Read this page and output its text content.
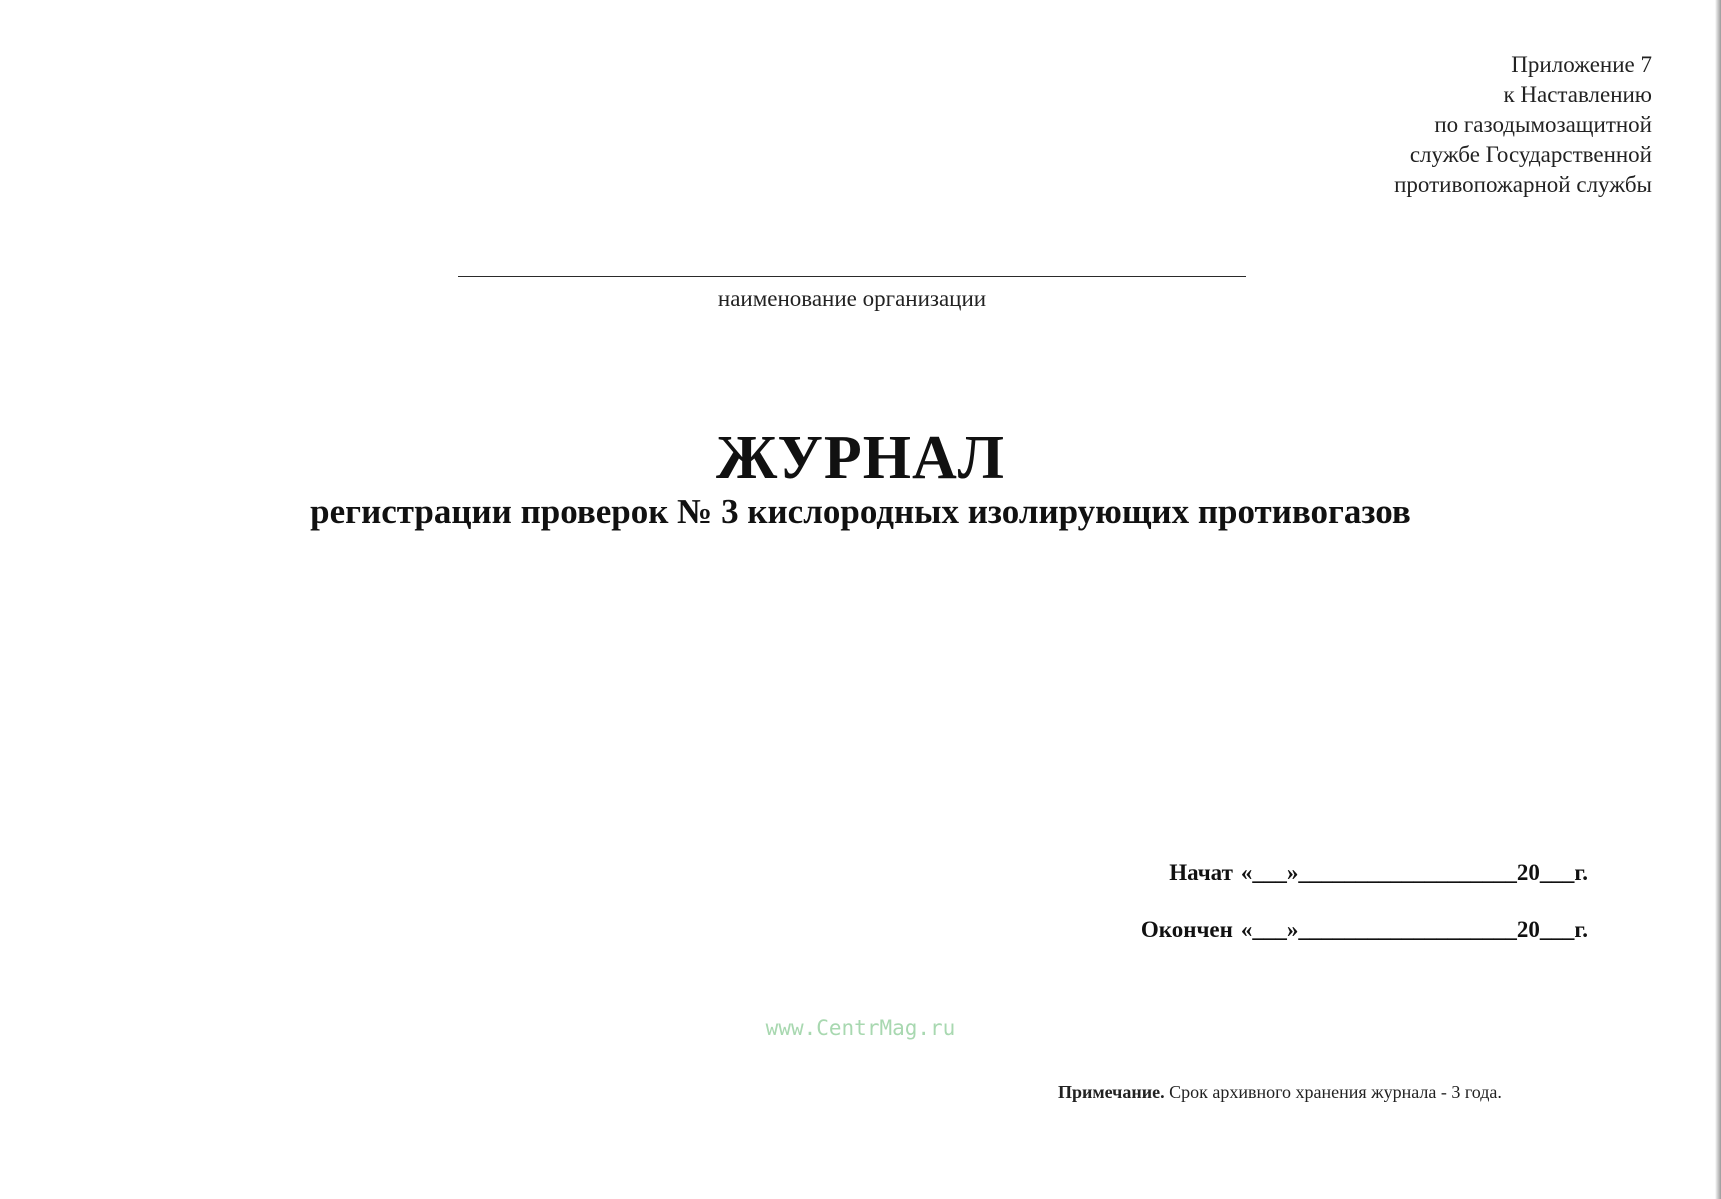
Приложение 7
к Наставлению
по газодымозащитной
службе Государственной
противопожарной службы
наименование организации
ЖУРНАЛ
регистрации проверок № 3 кислородных изолирующих противогазов
Начат «___»___________________20___г.
Окончен «___»___________________20___г.
www.CentrMag.ru
Примечание. Срок архивного хранения журнала - 3 года.
